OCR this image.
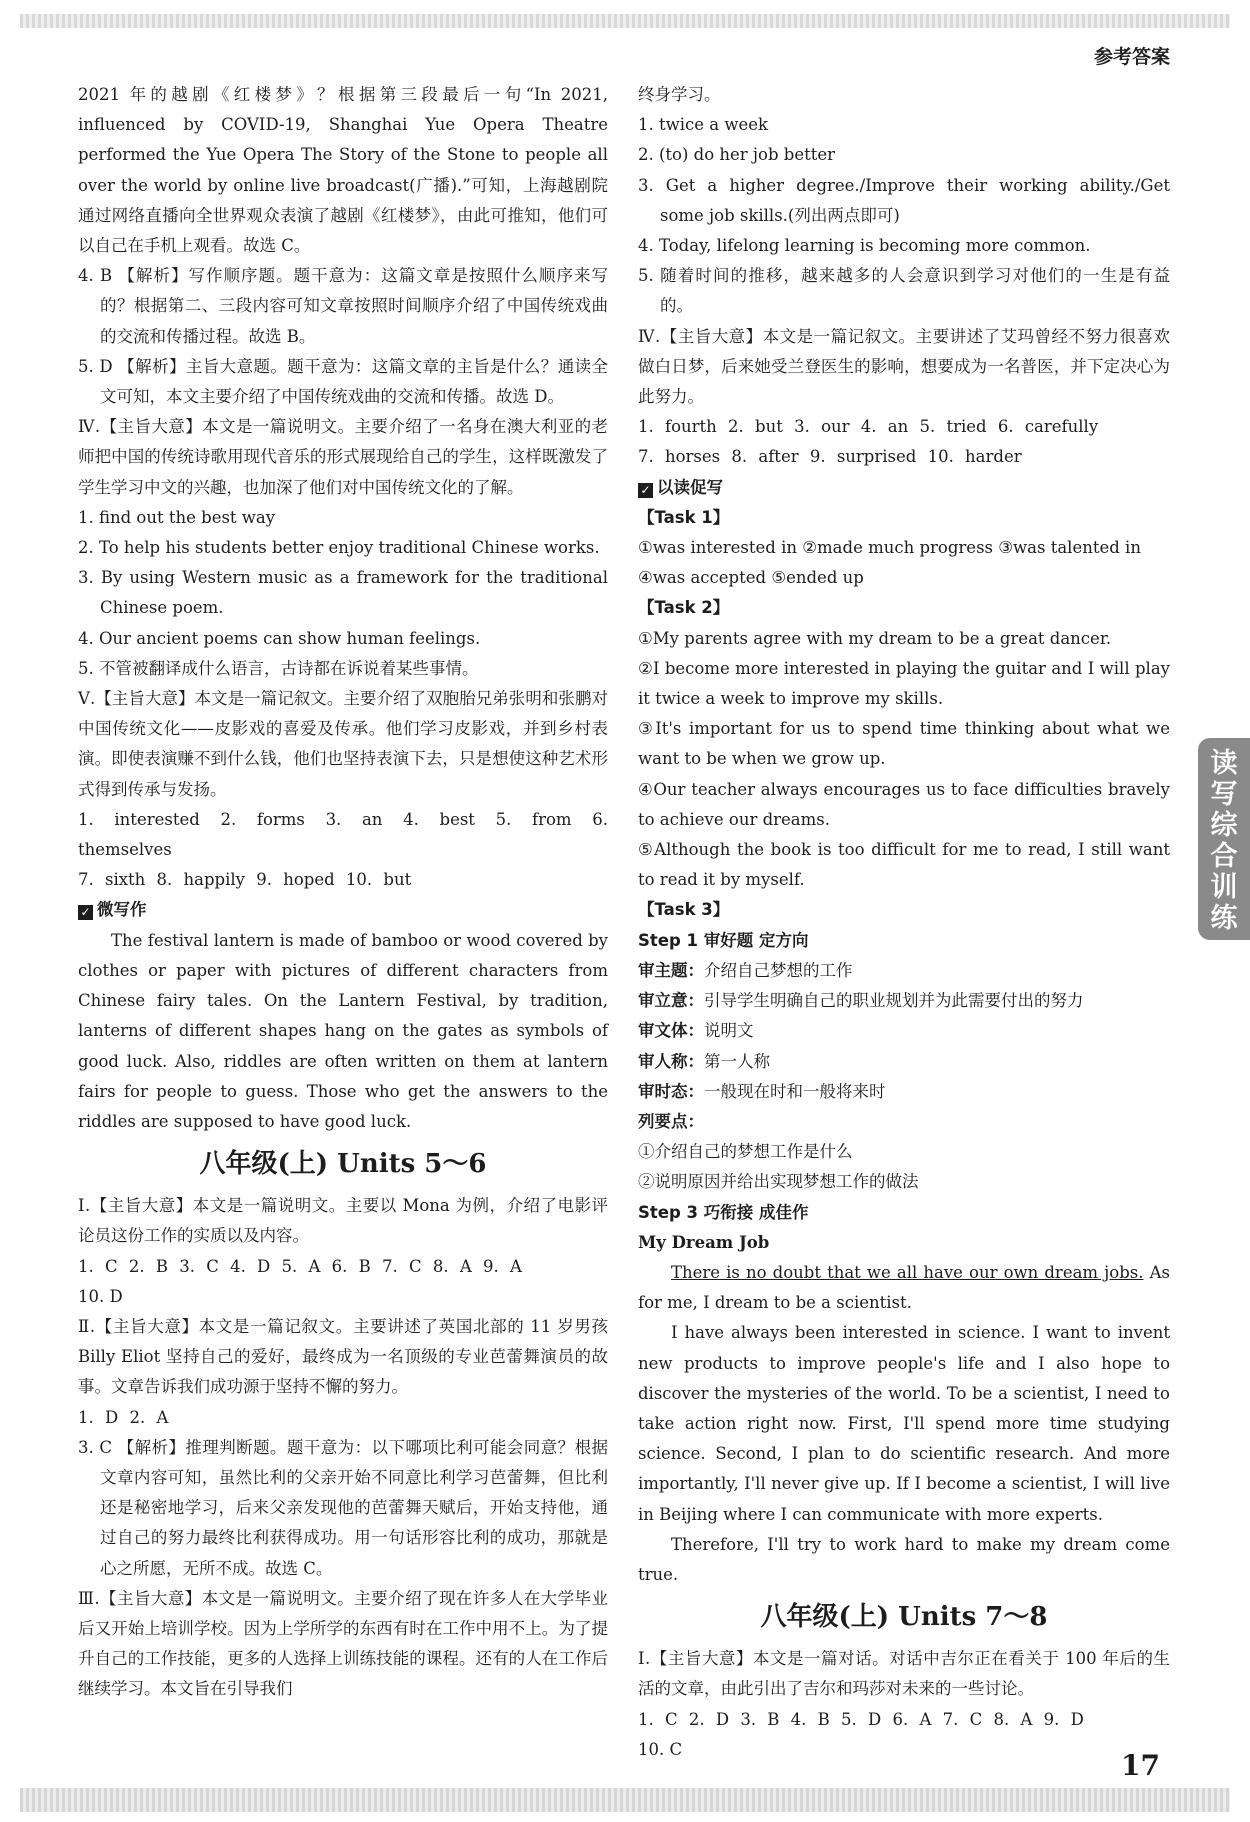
参考答案

2021 年的越剧《红楼梦》？根据第三段最后一句“In 2021, influenced by COVID-19, Shanghai Yue Opera Theatre performed the Yue Opera The Story of the Stone to people all over the world by online live broadcast(广播).”可知，上海越剧院通过网络直播向全世界观众表演了越剧《红楼梦》，由此可推知，他们可以自己在手机上观看。故选 C。

4. B 【解析】写作顺序题。题干意为：这篇文章是按照什么顺序来写的？根据第二、三段内容可知文章按照时间顺序介绍了中国传统戏曲的交流和传播过程。故选 B。

5. D 【解析】主旨大意题。题干意为：这篇文章的主旨是什么？通读全文可知，本文主要介绍了中国传统戏曲的交流和传播。故选 D。

Ⅳ.【主旨大意】本文是一篇说明文。主要介绍了一名身在澳大利亚的老师把中国的传统诗歌用现代音乐的形式展现给自己的学生，这样既激发了学生学习中文的兴趣，也加深了他们对中国传统文化的了解。

1. find out the best way

2. To help his students better enjoy traditional Chinese works.

3. By using Western music as a framework for the traditional Chinese poem.

4. Our ancient poems can show human feelings.

5. 不管被翻译成什么语言，古诗都在诉说着某些事情。

Ⅴ.【主旨大意】本文是一篇记叙文。主要介绍了双胞胎兄弟张明和张鹏对中国传统文化——皮影戏的喜爱及传承。他们学习皮影戏，并到乡村表演。即使表演赚不到什么钱，他们也坚持表演下去，只是想使这种艺术形式得到传承与发扬。

1. interested 2. forms 3. an 4. best 5. from 6. themselves

7. sixth 8. happily 9. hoped 10. but

✓ 微写作

The festival lantern is made of bamboo or wood covered by clothes or paper with pictures of different characters from Chinese fairy tales. On the Lantern Festival, by tradition, lanterns of different shapes hang on the gates as symbols of good luck. Also, riddles are often written on them at lantern fairs for people to guess. Those who get the answers to the riddles are supposed to have good luck.

八年级(上) Units 5～6

Ⅰ.【主旨大意】本文是一篇说明文。主要以 Mona 为例，介绍了电影评论员这份工作的实质以及内容。

1. C 2. B 3. C 4. D 5. A 6. B 7. C 8. A 9. A

10. D

Ⅱ.【主旨大意】本文是一篇记叙文。主要讲述了英国北部的 11 岁男孩 Billy Eliot 坚持自己的爱好，最终成为一名顶级的专业芭蕾舞演员的故事。文章告诉我们成功源于坚持不懈的努力。

1. D 2. A

3. C 【解析】推理判断题。题干意为：以下哪项比利可能会同意？根据文章内容可知，虽然比利的父亲开始不同意比利学习芭蕾舞，但比利还是秘密地学习，后来父亲发现他的芭蕾舞天赋后，开始支持他，通过自己的努力最终比利获得成功。用一句话形容比利的成功，那就是心之所愿，无所不成。故选 C。

Ⅲ.【主旨大意】本文是一篇说明文。主要介绍了现在许多人在大学毕业后又开始上培训学校。因为上学所学的东西有时在工作中用不上。为了提升自己的工作技能，更多的人选择上训练技能的课程。还有的人在工作后继续学习。本文旨在引导我们

终身学习。

1. twice a week

2. (to) do her job better

3. Get a higher degree./Improve their working ability./Get some job skills.(列出两点即可)

4. Today, lifelong learning is becoming more common.

5. 随着时间的推移，越来越多的人会意识到学习对他们的一生是有益的。

Ⅳ.【主旨大意】本文是一篇记叙文。主要讲述了艾玛曾经不努力很喜欢做白日梦，后来她受兰登医生的影响，想要成为一名普医，并下定决心为此努力。

1. fourth 2. but 3. our 4. an 5. tried 6. carefully

7. horses 8. after 9. surprised 10. harder

✓ 以读促写

【Task 1】

①was interested in ②made much progress ③was talented in

④was accepted ⑤ended up

【Task 2】

①My parents agree with my dream to be a great dancer.

②I become more interested in playing the guitar and I will play it twice a week to improve my skills.

③It's important for us to spend time thinking about what we want to be when we grow up.

④Our teacher always encourages us to face difficulties bravely to achieve our dreams.

⑤Although the book is too difficult for me to read, I still want to read it by myself.

【Task 3】

Step 1 审好题 定方向

审主题：介绍自己梦想的工作

审立意：引导学生明确自己的职业规划并为此需要付出的努力

审文体：说明文

审人称：第一人称

审时态：一般现在时和一般将来时

列要点：

①介绍自己的梦想工作是什么

②说明原因并给出实现梦想工作的做法

Step 3 巧衔接 成佳作

My Dream Job

There is no doubt that we all have our own dream jobs. As for me, I dream to be a scientist.

I have always been interested in science. I want to invent new products to improve people's life and I also hope to discover the mysteries of the world. To be a scientist, I need to take action right now. First, I'll spend more time studying science. Second, I plan to do scientific research. And more importantly, I'll never give up. If I become a scientist, I will live in Beijing where I can communicate with more experts.

Therefore, I'll try to work hard to make my dream come true.

八年级(上) Units 7～8

Ⅰ.【主旨大意】本文是一篇对话。对话中吉尔正在看关于 100 年后的生活的文章，由此引出了吉尔和玛莎对未来的一些讨论。

1. C 2. D 3. B 4. B 5. D 6. A 7. C 8. A 9. D

10. C

读
写
综
合
训
练
17
